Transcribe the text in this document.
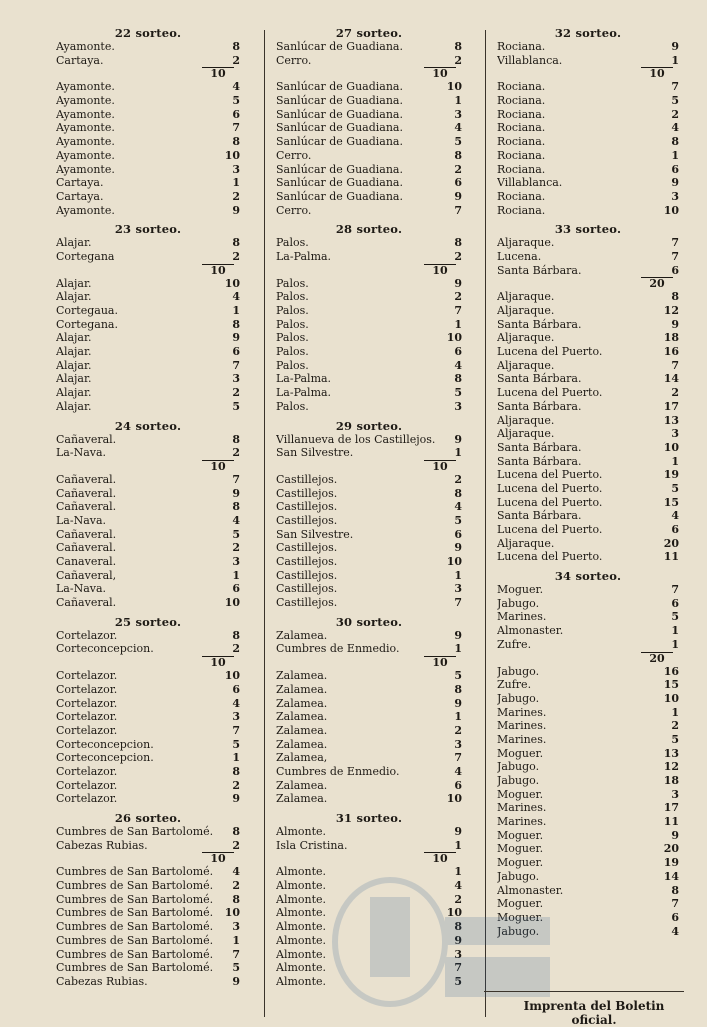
22 sorteo.
Ayamonte.	8
Cartaya.	2
10
Ayamonte.	4
Ayamonte.	5
Ayamonte.	6
Ayamonte.	7
Ayamonte.	8
Ayamonte.	10
Ayamonte.	3
Cartaya.	1
Cartaya.	2
Ayamonte.	9
23 sorteo.
Alajar.	8
Cortegana	2
10
Alajar.	10
Alajar.	4
Cortegaua.	1
Cortegana.	8
Alajar.	9
Alajar.	6
Alajar.	7
Alajar.	3
Alajar.	2
Alajar.	5
24 sorteo.
Cañaveral.	8
La-Nava.	2
10
Cañaveral.	7
Cañaveral.	9
Cañaveral.	8
La-Nava.	4
Cañaveral.	5
Cañaveral.	2
Canaveral.	3
Cañaveral,	1
La-Nava.	6
Cañaveral.	10
25 sorteo.
Cortelazor.	8
Corteconcepcion.	2
10
Cortelazor.	10
Cortelazor.	6
Cortelazor.	4
Cortelazor.	3
Cortelazor.	7
Corteconcepcion.	5
Corteconcepcion.	1
Cortelazor.	8
Cortelazor.	2
Cortelazor.	9
26 sorteo.
Cumbres de San Bartolomé.	8
Cabezas Rubias.	2
10
Cumbres de San Bartolomé.	4
Cumbres de San Bartolomé.	2
Cumbres de San Bartolomé.	8
Cumbres de San Bartolomé.	10
Cumbres de San Bartolomé.	3
Cumbres de San Bartolomé.	1
Cumbres de San Bartolomé.	7
Cumbres de San Bartolomé.	5
Cabezas Rubias.	9
27 sorteo.
Sanlúcar de Guadiana.	8
Cerro.	2
10
Sanlúcar de Guadiana.	10
Sanlúcar de Guadiana.	1
Sanlúcar de Guadiana.	3
Sanlúcar de Guadiana.	4
Sanlúcar de Guadiana.	5
Cerro.	8
Sanlúcar de Guadiana.	2
Sanlúcar de Guadiana.	6
Sanlúcar de Guadiana.	9
Cerro.	7
28 sorteo.
Palos.	8
La-Palma.	2
10
Palos.	9
Palos.	2
Palos.	7
Palos.	1
Palos.	10
Palos.	6
Palos.	4
La-Palma.	8
La-Palma.	5
Palos.	3
29 sorteo.
Villanueva de los Castillejos.	9
San Silvestre.	1
10
Castillejos.	2
Castillejos.	8
Castillejos.	4
Castillejos.	5
San Silvestre.	6
Castillejos.	9
Castillejos.	10
Castillejos.	1
Castillejos.	3
Castillejos.	7
30 sorteo.
Zalamea.	9
Cumbres de Enmedio.	1
10
Zalamea.	5
Zalamea.	8
Zalamea.	9
Zalamea.	1
Zalamea.	2
Zalamea.	3
Zalamea,	7
Cumbres de Enmedio.	4
Zalamea.	6
Zalamea.	10
31 sorteo.
Almonte.	9
Isla Cristina.	1
10
Almonte.	1
Almonte.	4
Almonte.	2
Almonte.	10
Almonte.	8
Almonte.	9
Almonte.	3
Almonte.	7
Almonte.	5
32 sorteo.
Rociana.	9
Villablanca.	1
10
Rociana.	7
Rociana.	5
Rociana.	2
Rociana.	4
Rociana.	8
Rociana.	1
Rociana.	6
Villablanca.	9
Rociana.	3
Rociana.	10
33 sorteo.
Aljaraque.	7
Lucena.	7
Santa Bárbara.	6
20
Aljaraque.	8
Aljaraque.	12
Santa Bárbara.	9
Aljaraque.	18
Lucena del Puerto.	16
Aljaraque.	7
Santa Bárbara.	14
Lucena del Puerto.	2
Santa Bárbara.	17
Aljaraque.	13
Aljaraque.	3
Santa Bárbara.	10
Santa Bárbara.	1
Lucena del Puerto.	19
Lucena del Puerto.	5
Lucena del Puerto.	15
Santa Bárbara.	4
Lucena del Puerto.	6
Aljaraque.	20
Lucena del Puerto.	11
34 sorteo.
Moguer.	7
Jabugo.	6
Marines.	5
Almonaster.	1
Zufre.	1
20
Jabugo.	16
Zufre.	15
Jabugo.	10
Marines.	1
Marines.	2
Marines.	5
Moguer.	13
Jabugo.	12
Jabugo.	18
Moguer.	3
Marines.	17
Marines.	11
Moguer.	9
Moguer.	20
Moguer.	19
Jabugo.	14
Almonaster.	8
Moguer.	7
Moguer.	6
Jabugo.	4
Imprenta del Boletin oficial.
